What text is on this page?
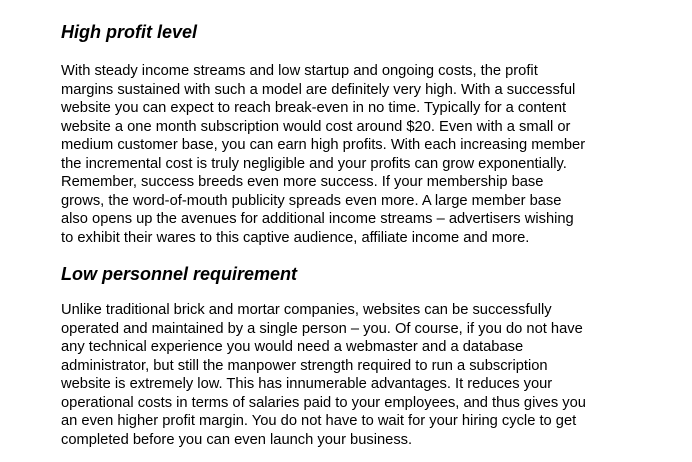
High profit level
With steady income streams and low startup and ongoing costs, the profit
margins sustained with such a model are definitely very high. With a successful
website you can expect to reach break-even in no time. Typically for a content
website a one month subscription would cost around $20. Even with a small or
medium customer base, you can earn high profits. With each increasing member
the incremental cost is truly negligible and your profits can grow exponentially.
Remember, success breeds even more success. If your membership base
grows, the word-of-mouth publicity spreads even more. A large member base
also opens up the avenues for additional income streams – advertisers wishing
to exhibit their wares to this captive audience, affiliate income and more.
Low personnel requirement
Unlike traditional brick and mortar companies, websites can be successfully
operated and maintained by a single person – you. Of course, if you do not have
any technical experience you would need a webmaster and a database
administrator, but still the manpower strength required to run a subscription
website is extremely low. This has innumerable advantages. It reduces your
operational costs in terms of salaries paid to your employees, and thus gives you
an even higher profit margin. You do not have to wait for your hiring cycle to get
completed before you can even launch your business.
